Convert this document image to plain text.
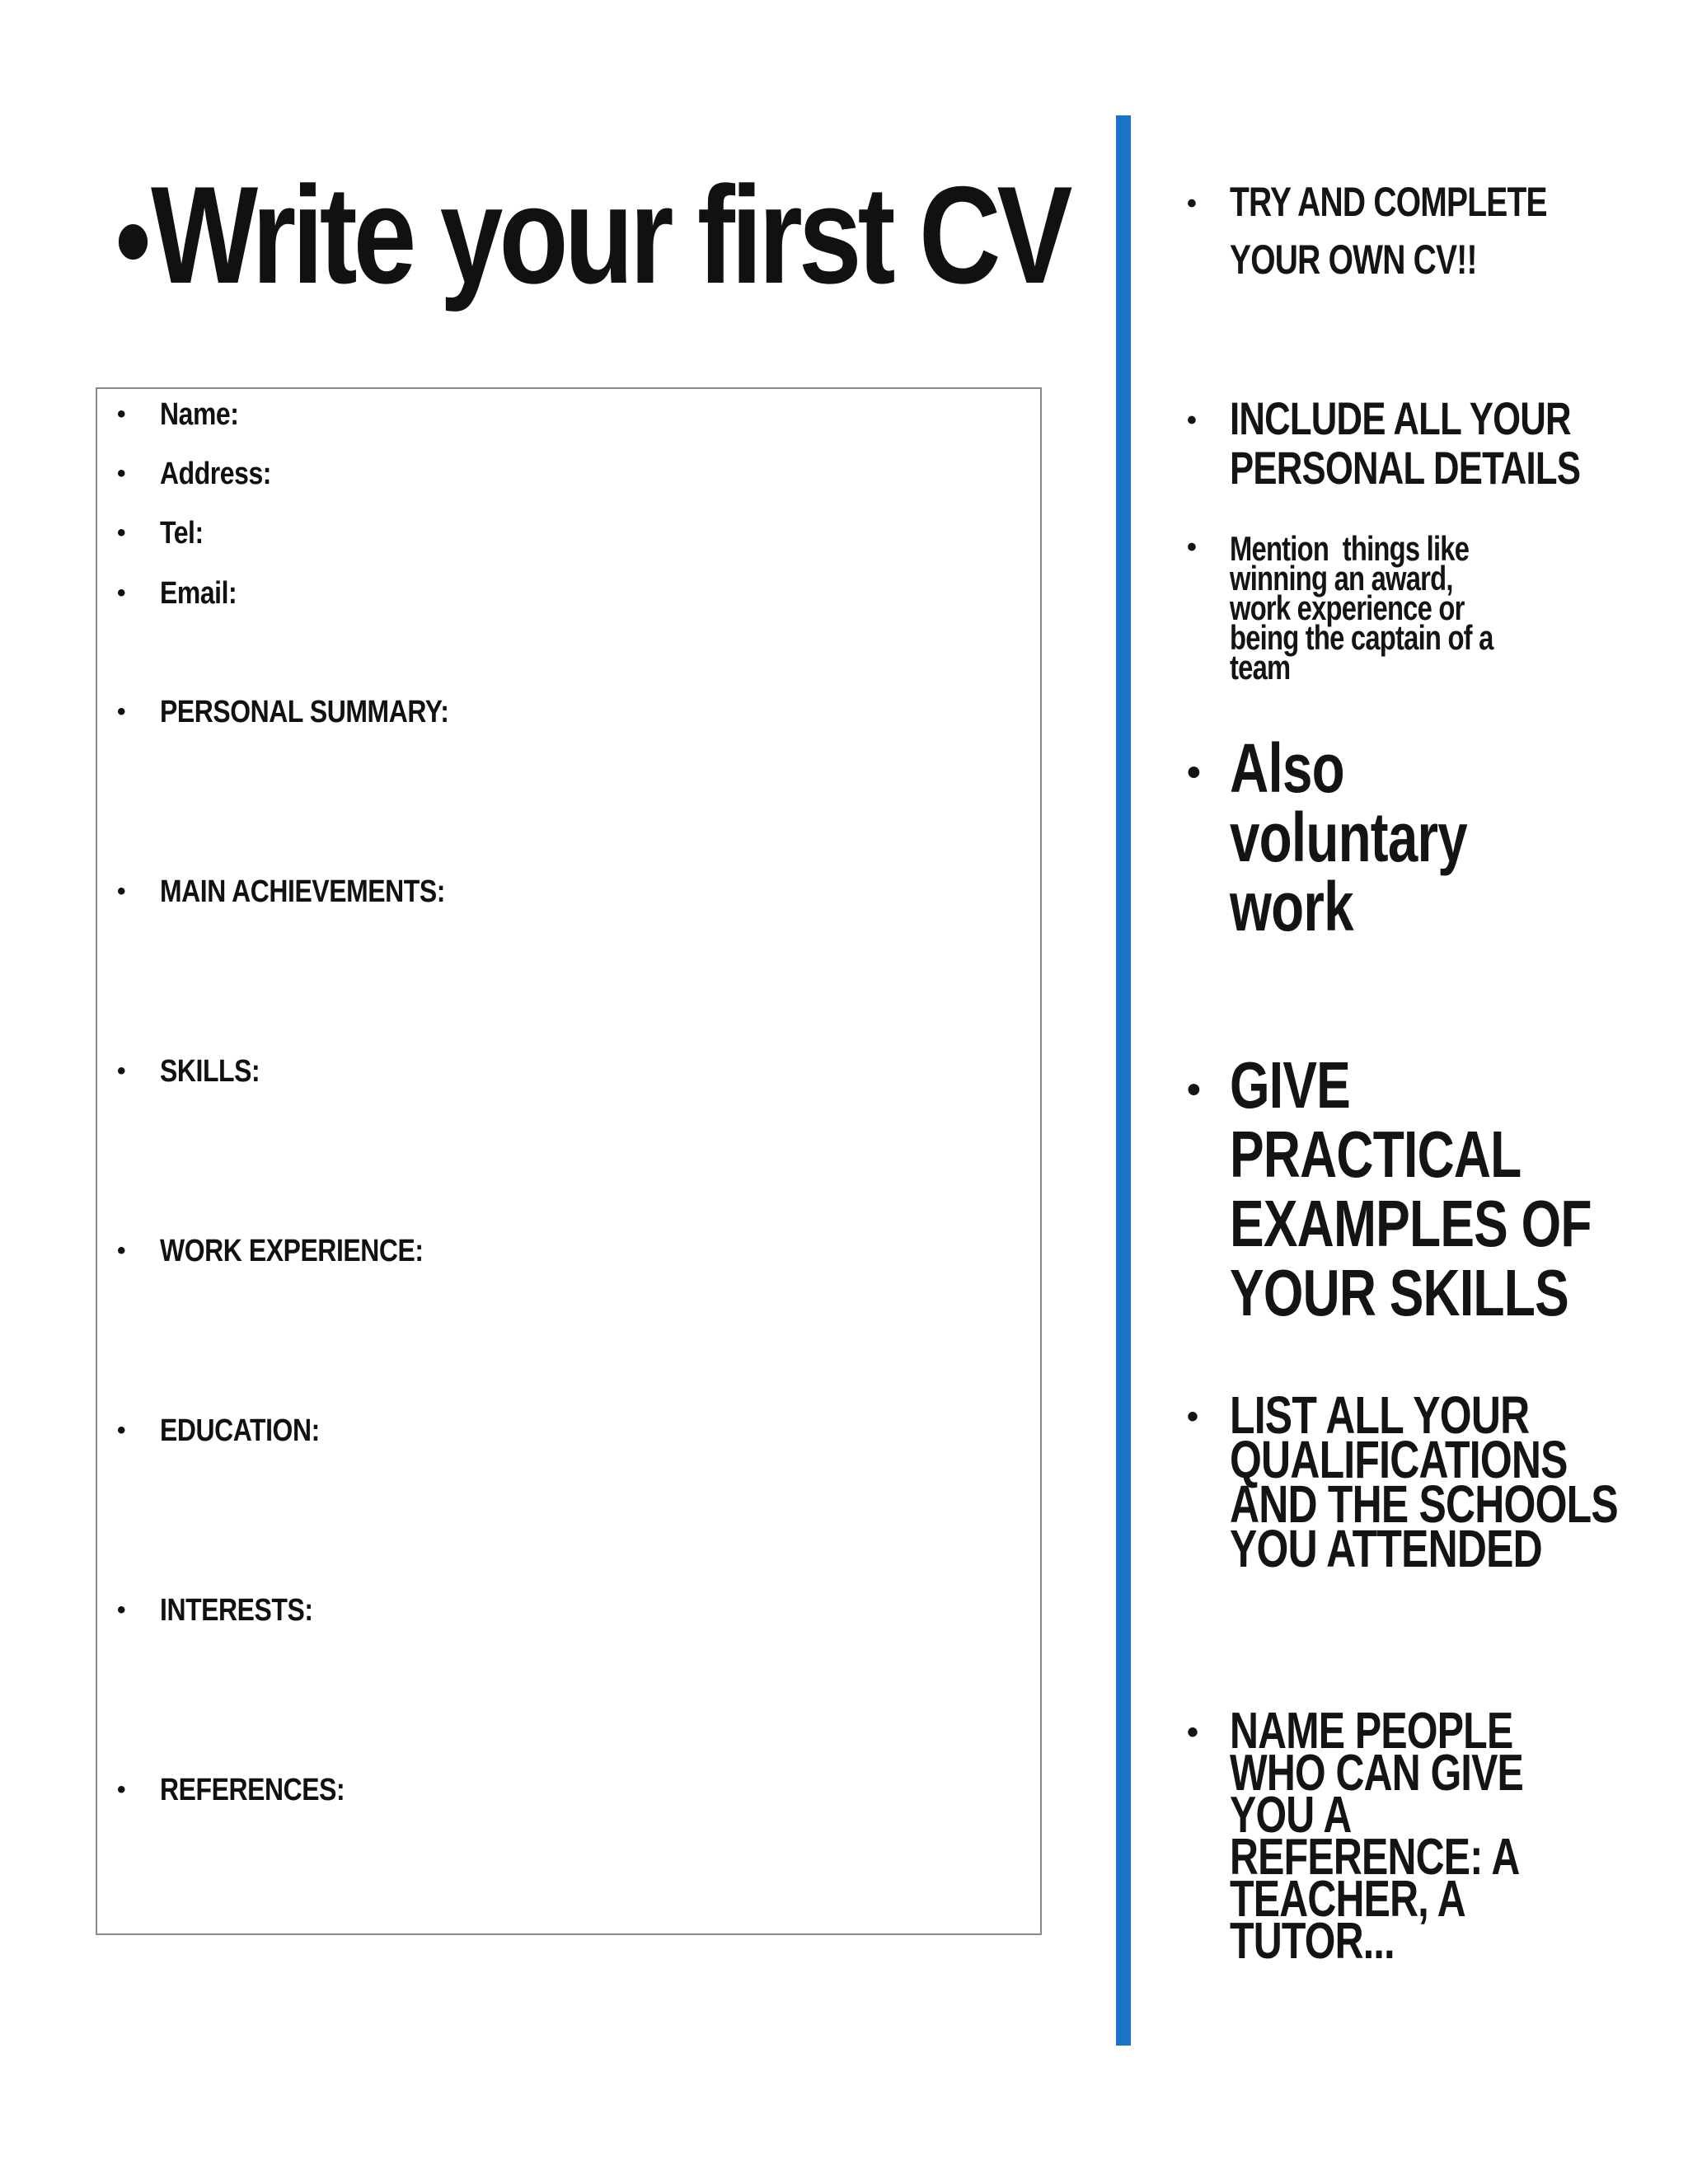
•Write your first CV
• Name:
• Address:
• Tel:
• Email:
• PERSONAL SUMMARY:
• MAIN ACHIEVEMENTS:
• SKILLS:
• WORK EXPERIENCE:
• EDUCATION:
• INTERESTS:
• REFERENCES:
• TRY AND COMPLETE
YOUR OWN CV!!
• INCLUDE ALL YOUR
PERSONAL DETAILS
• Mention  things like
winning an award,
work experience or
being the captain of a
team
• Also
voluntary
work
• GIVE
PRACTICAL
EXAMPLES OF
YOUR SKILLS
• LIST ALL YOUR
QUALIFICATIONS
AND THE SCHOOLS
YOU ATTENDED
• NAME PEOPLE
WHO CAN GIVE
YOU A
REFERENCE: A
TEACHER, A
TUTOR...
